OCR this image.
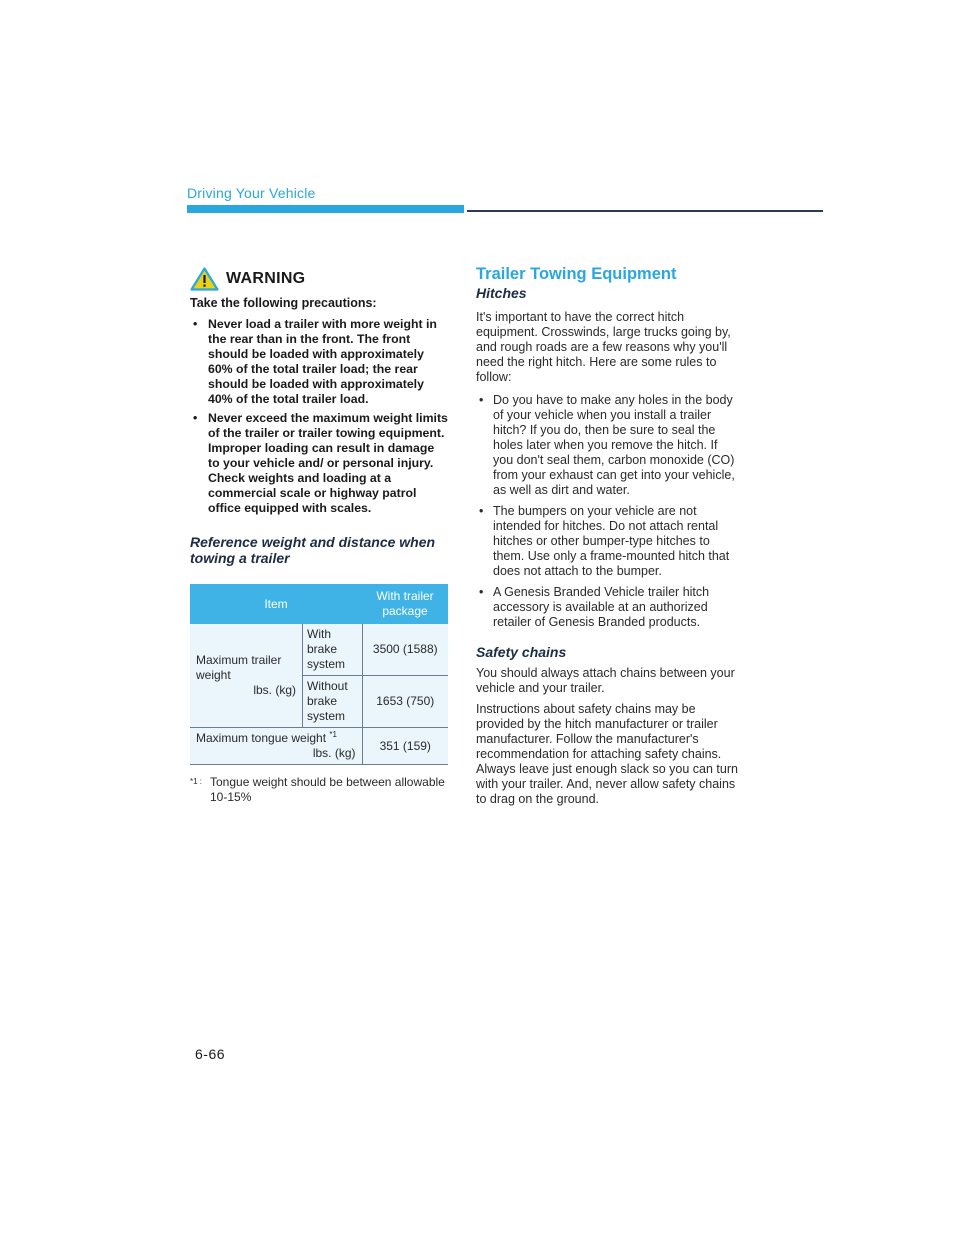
Driving Your Vehicle
WARNING
Take the following precautions:
• Never load a trailer with more weight in the rear than in the front. The front should be loaded with approximately 60% of the total trailer load; the rear should be loaded with approximately 40% of the total trailer load.
• Never exceed the maximum weight limits of the trailer or trailer towing equipment. Improper loading can result in damage to your vehicle and/ or personal injury. Check weights and loading at a commercial scale or highway patrol office equipped with scales.
Reference weight and distance when towing a trailer
Item		With trailer package

Maximum trailer weight
lbs. (kg)	With brake system	3500 (1588)
	Without brake system	1653 (750)

Maximum tongue weight $^{*1}$
lbs. (kg)		351 (159)
*1 : Tongue weight should be between allowable 10-15%
Trailer Towing Equipment
Hitches
It's important to have the correct hitch equipment. Crosswinds, large trucks going by, and rough roads are a few reasons why you'll need the right hitch. Here are some rules to follow:
• Do you have to make any holes in the body of your vehicle when you install a trailer hitch? If you do, then be sure to seal the holes later when you remove the hitch. If you don't seal them, carbon monoxide (CO) from your exhaust can get into your vehicle, as well as dirt and water.
• The bumpers on your vehicle are not intended for hitches. Do not attach rental hitches or other bumper-type hitches to them. Use only a frame-mounted hitch that does not attach to the bumper.
• A Genesis Branded Vehicle trailer hitch accessory is available at an authorized retailer of Genesis Branded products.
Safety chains
You should always attach chains between your vehicle and your trailer.
Instructions about safety chains may be provided by the hitch manufacturer or trailer manufacturer. Follow the manufacturer's recommendation for attaching safety chains. Always leave just enough slack so you can turn with your trailer. And, never allow safety chains to drag on the ground.
6-66
